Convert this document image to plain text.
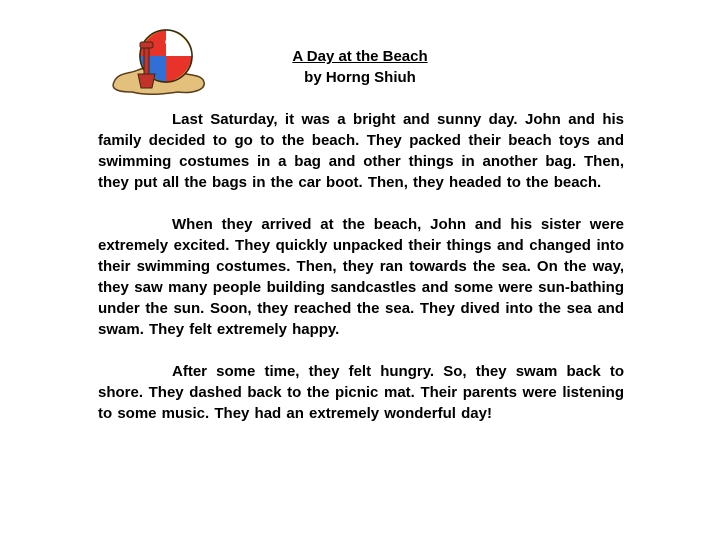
A Day at the Beach
by Horng Shiuh

Last Saturday, it was a bright and sunny day. John and his family decided to go to the beach. They packed their beach toys and swimming costumes in a bag and other things in another bag. Then, they put all the bags in the car boot. Then, they headed to the beach.

When they arrived at the beach, John and his sister were extremely excited. They quickly unpacked their things and changed into their swimming costumes. Then, they ran towards the sea. On the way, they saw many people building sandcastles and some were sun-bathing under the sun. Soon, they reached the sea. They dived into the sea and swam. They felt extremely happy.

After some time, they felt hungry. So, they swam back to shore. They dashed back to the picnic mat. Their parents were listening to some music. They had an extremely wonderful day!
